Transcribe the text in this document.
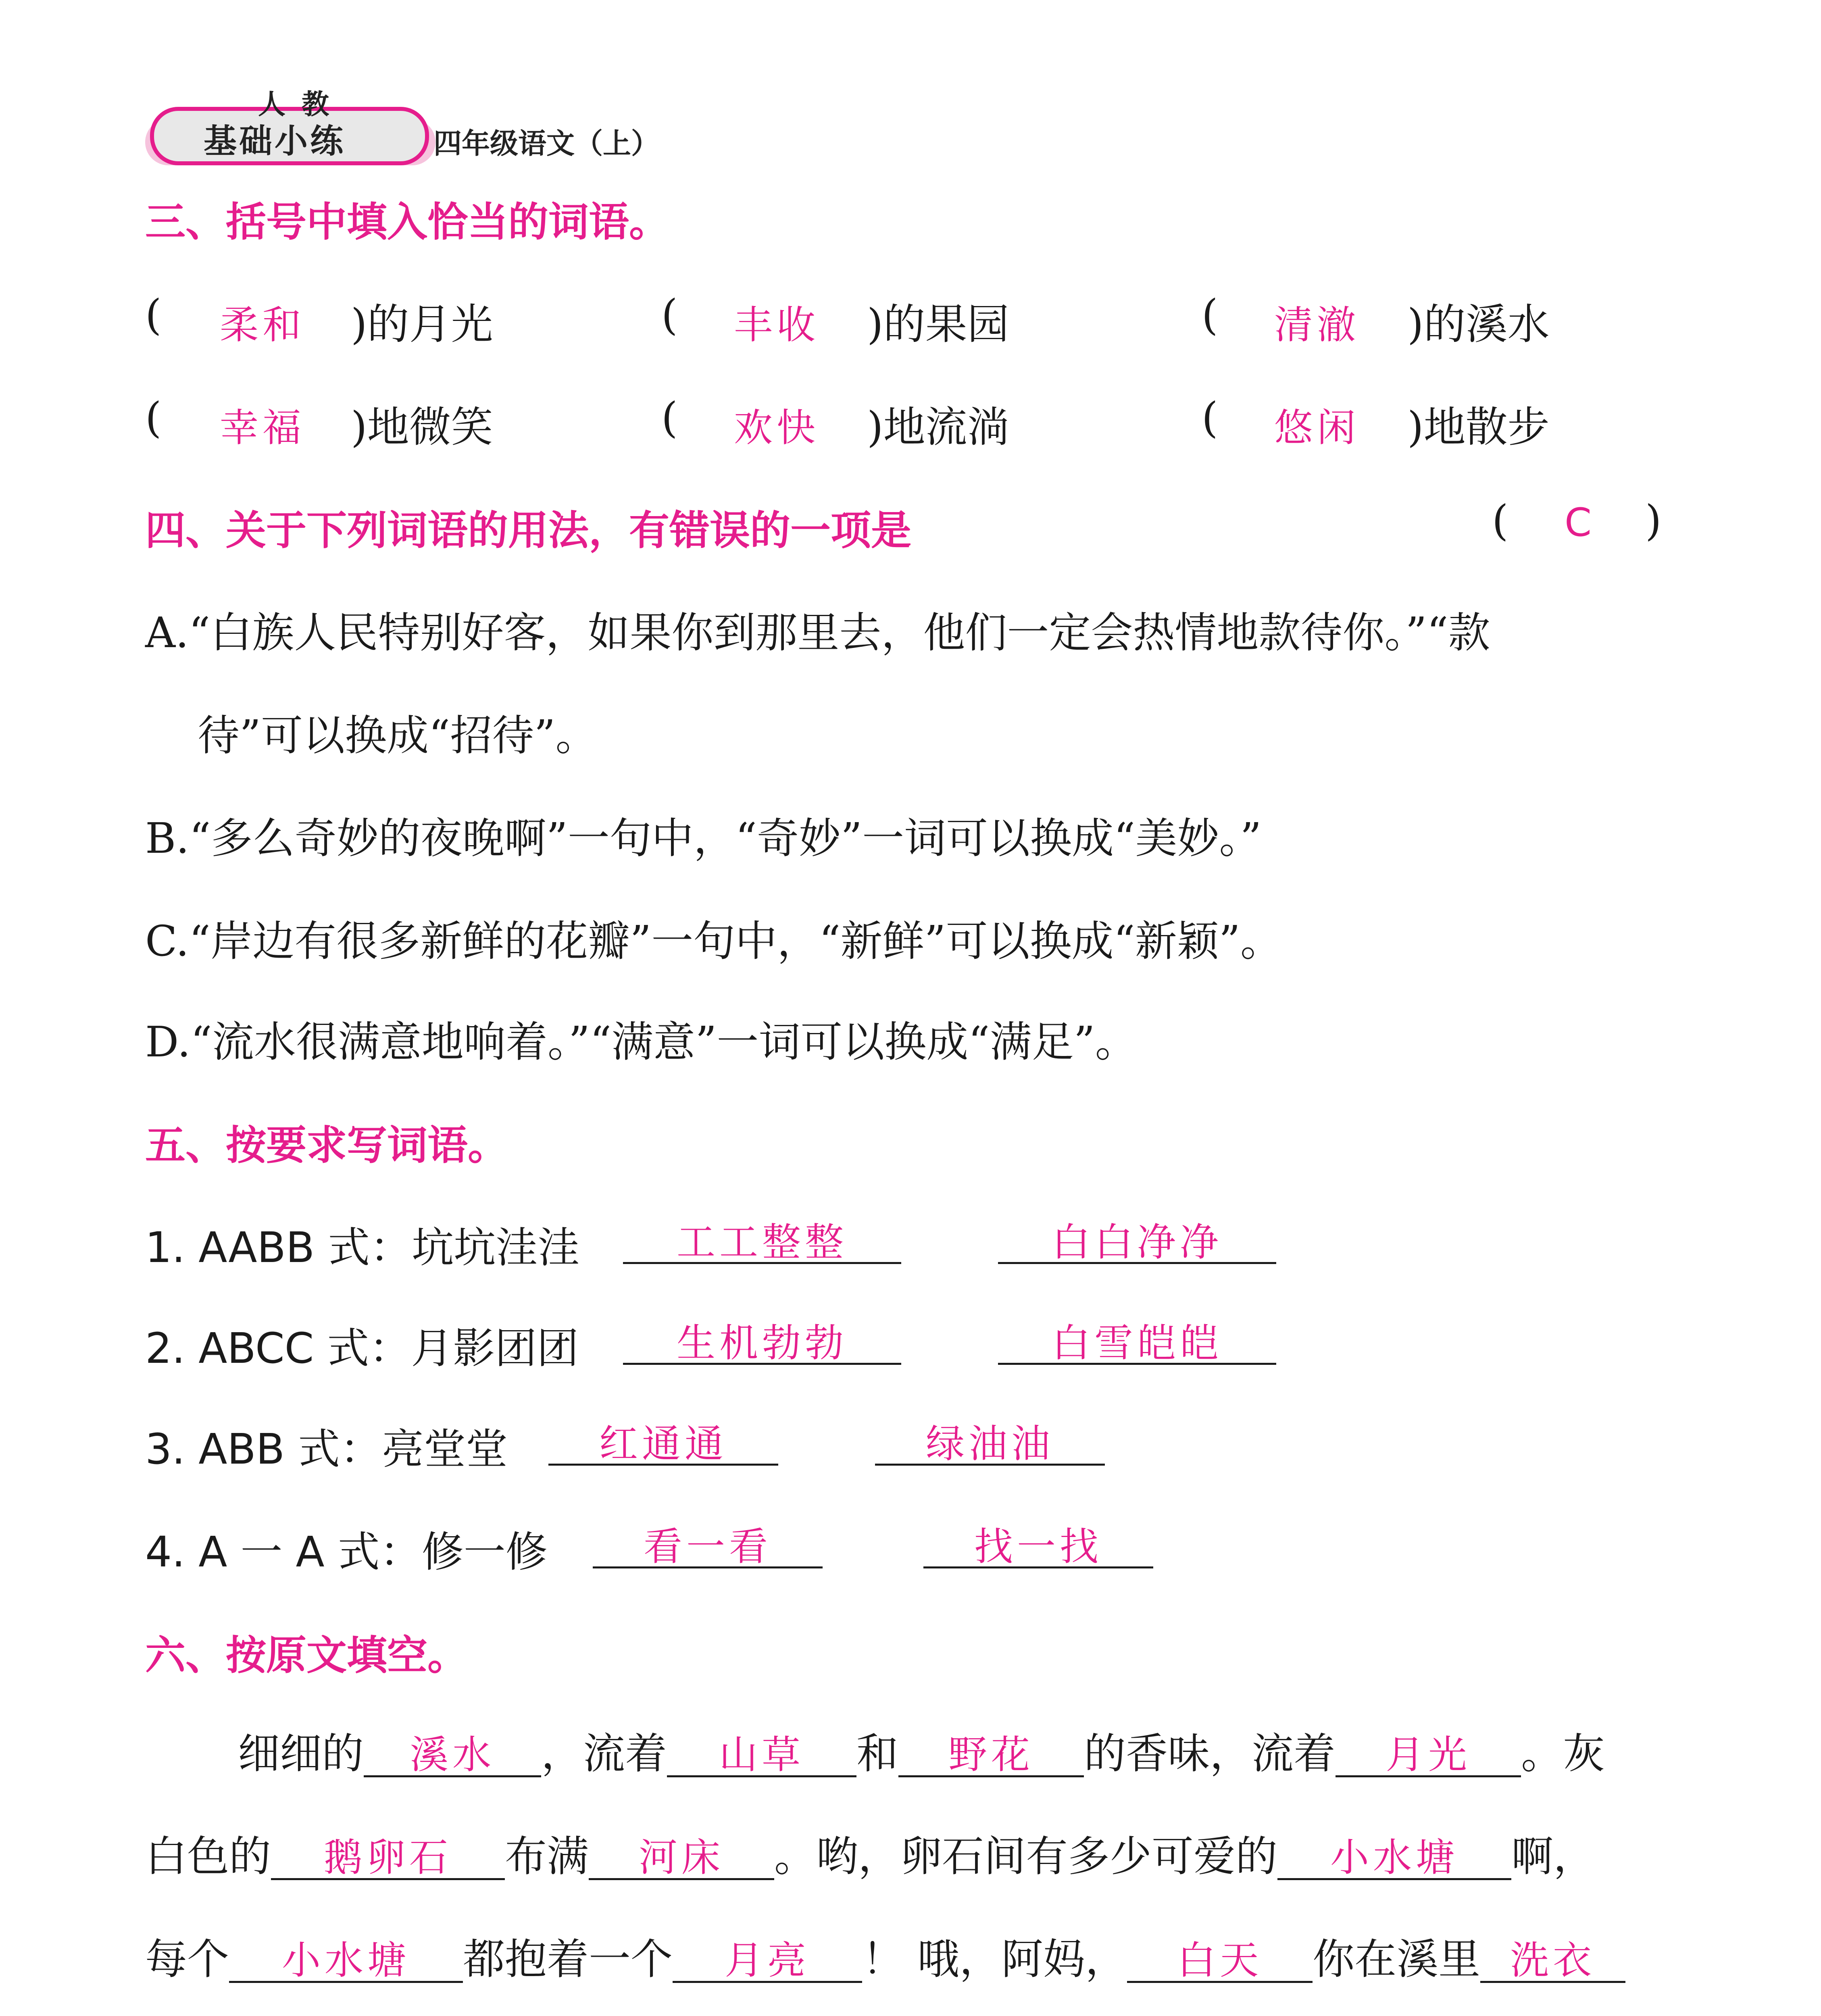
人教
基础小练	四年级语文（上）
三、括号中填入恰当的词语。
( 柔和 )的月光	( 丰收 )的果园	( 清澈 )的溪水
( 幸福 )地微笑	( 欢快 )地流淌	( 悠闲 )地散步
四、关于下列词语的用法，有错误的一项是	( C )
A.“白族人民特别好客，如果你到那里去，他们一定会热情地款待你。”“款
待”可以换成“招待”。
B.“多么奇妙的夜晚啊”一句中，“奇妙”一词可以换成“美妙。”
C.“岸边有很多新鲜的花瓣”一句中，“新鲜”可以换成“新颖”。
D.“流水很满意地响着。”“满意”一词可以换成“满足”。
五、按要求写词语。
1. AABB 式：坑坑洼洼	工工整整	白白净净
2. ABCC 式：月影团团	生机勃勃	白雪皑皑
3. ABB 式：亮堂堂	红通通	绿油油
4. A 一 A 式：修一修	看一看	找一找
六、按原文填空。
细细的 溪水 ，流着 山草 和 野花 的香味，流着 月光 。灰
白色的 鹅卵石 布满 河床 。哟，卵石间有多少可爱的 小水塘 啊，
每个 小水塘 都抱着一个 月亮 ！ 哦，阿妈， 白天 你在溪里 洗衣
